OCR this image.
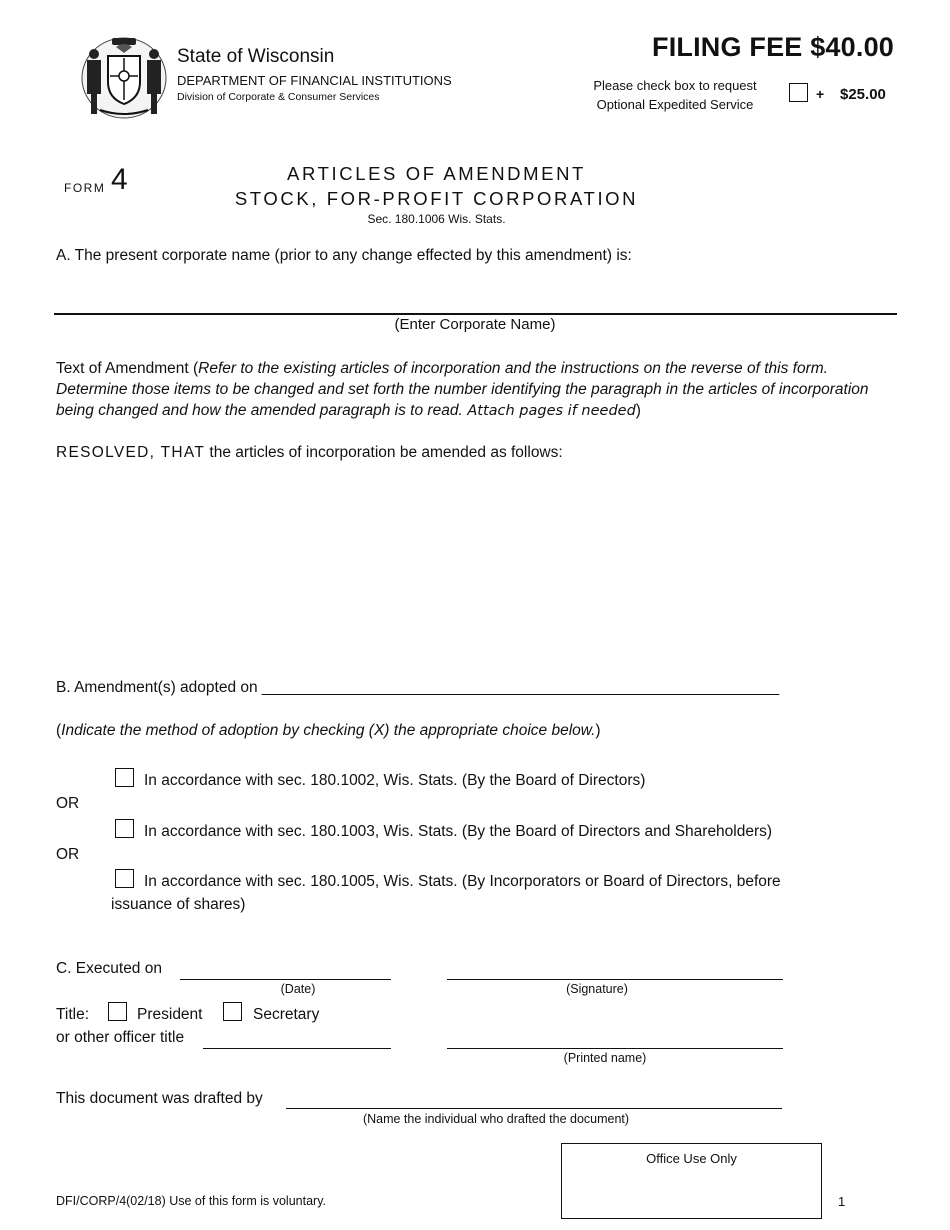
State of Wisconsin
DEPARTMENT OF FINANCIAL INSTITUTIONS
Division of Corporate & Consumer Services
FILING FEE $40.00
Please check box to request
Optional Expedited Service
+ $25.00
FORM 4	ARTICLES OF AMENDMENT
STOCK, FOR-PROFIT CORPORATION
Sec. 180.1006 Wis. Stats.
A. The present corporate name (prior to any change effected by this amendment) is:
(Enter Corporate Name)
Text of Amendment (Refer to the existing articles of incorporation and the instructions on the reverse of this form. Determine those items to be changed and set forth the number identifying the paragraph in the articles of incorporation being changed and how the amended paragraph is to read. Attach pages if needed)
RESOLVED, THAT the articles of incorporation be amended as follows:
B. Amendment(s) adopted on ____________________________________________________________
(Indicate the method of adoption by checking (X) the appropriate choice below.)
In accordance with sec. 180.1002, Wis. Stats. (By the Board of Directors)
OR
In accordance with sec. 180.1003, Wis. Stats. (By the Board of Directors and Shareholders)
OR
In accordance with sec. 180.1005, Wis. Stats. (By Incorporators or Board of Directors, before
issuance of shares)
C. Executed on
(Date)	(Signature)
Title:	President	Secretary
or other officer title
(Printed name)
This document was drafted by
(Name the individual who drafted the document)
Office Use Only
DFI/CORP/4(02/18) Use of this form is voluntary.	1
